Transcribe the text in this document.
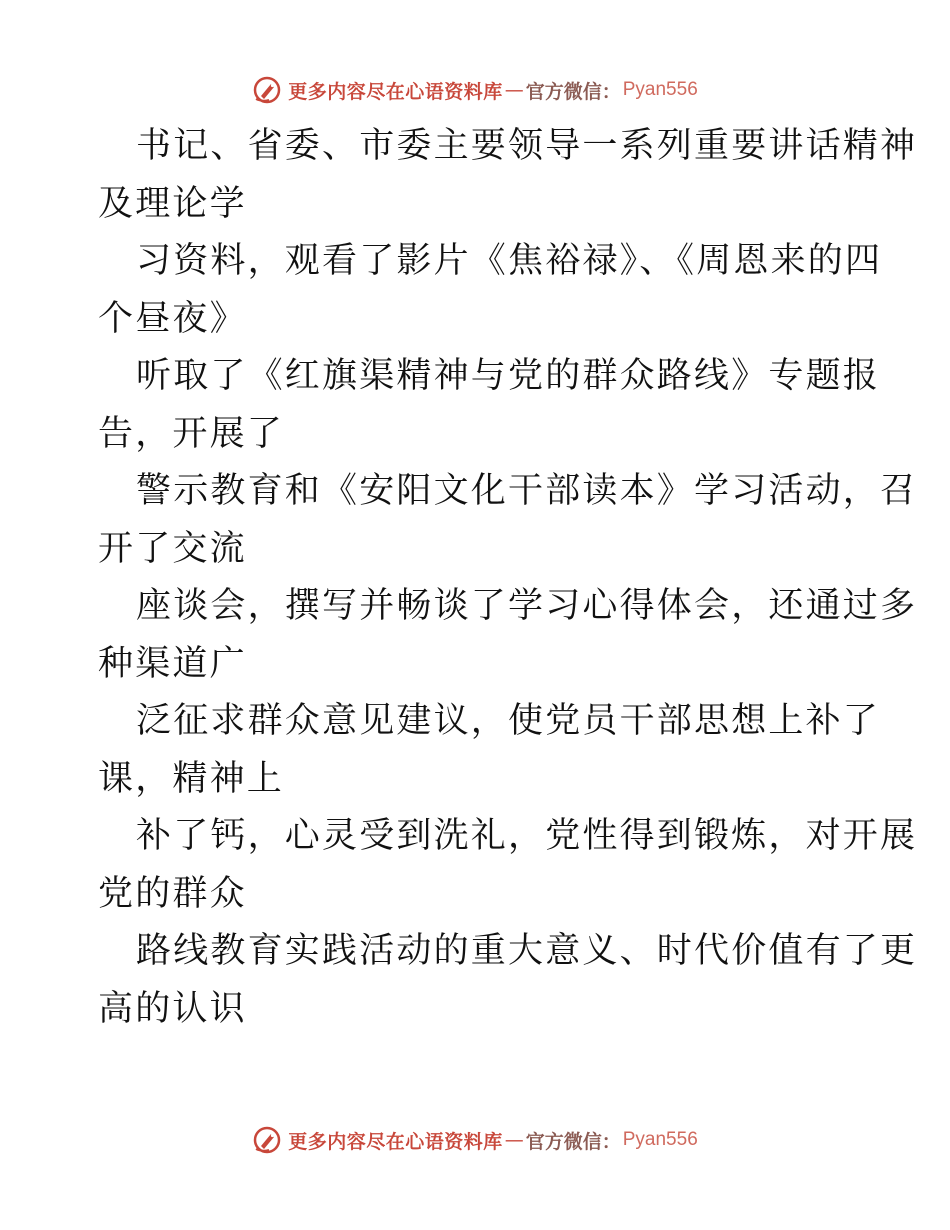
更多内容尽在心语资料库 — 官方微信： Pyan556
书记、省委、市委主要领导一系列重要讲话精神
及理论学
习资料，观看了影片《焦裕禄》、《周恩来的四
个昼夜》
听取了《红旗渠精神与党的群众路线》专题报
告，开展了
警示教育和《安阳文化干部读本》学习活动，召
开了交流
座谈会，撰写并畅谈了学习心得体会，还通过多
种渠道广
泛征求群众意见建议，使党员干部思想上补了
课，精神上
补了钙，心灵受到洗礼，党性得到锻炼，对开展
党的群众
路线教育实践活动的重大意义、时代价值有了更
高的认识
更多内容尽在心语资料库 — 官方微信： Pyan556
